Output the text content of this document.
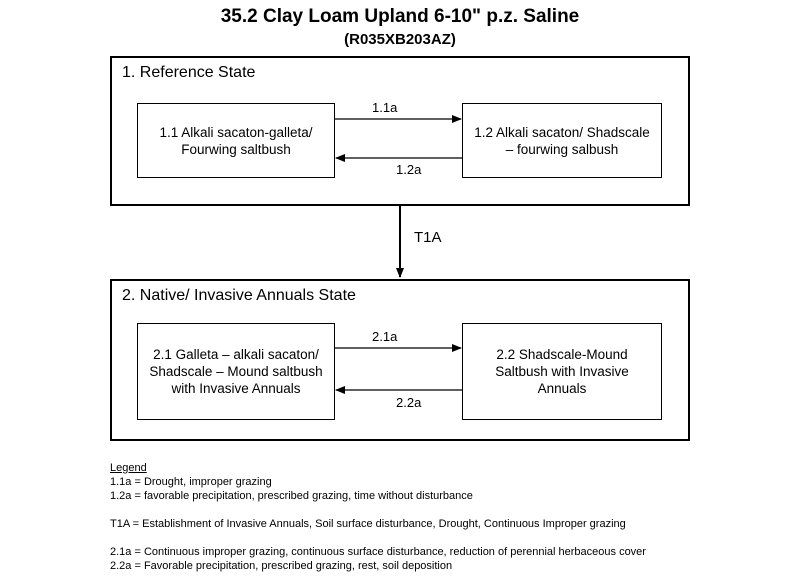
35.2 Clay Loam Upland 6-10" p.z. Saline
(R035XB203AZ)
1. Reference State
1.1 Alkali sacaton-galleta/ Fourwing saltbush
1.2 Alkali sacaton/ Shadscale – fourwing salbush
1.1a
1.2a
T1A
2. Native/ Invasive Annuals State
2.1 Galleta – alkali sacaton/ Shadscale – Mound saltbush with Invasive Annuals
2.2 Shadscale-Mound Saltbush with Invasive Annuals
2.1a
2.2a
Legend
1.1a = Drought, improper grazing
1.2a = favorable precipitation, prescribed grazing, time without disturbance
T1A = Establishment of Invasive Annuals, Soil surface disturbance, Drought, Continuous Improper grazing
2.1a = Continuous improper grazing, continuous surface disturbance, reduction of perennial herbaceous cover
2.2a = Favorable precipitation, prescribed grazing, rest, soil deposition
